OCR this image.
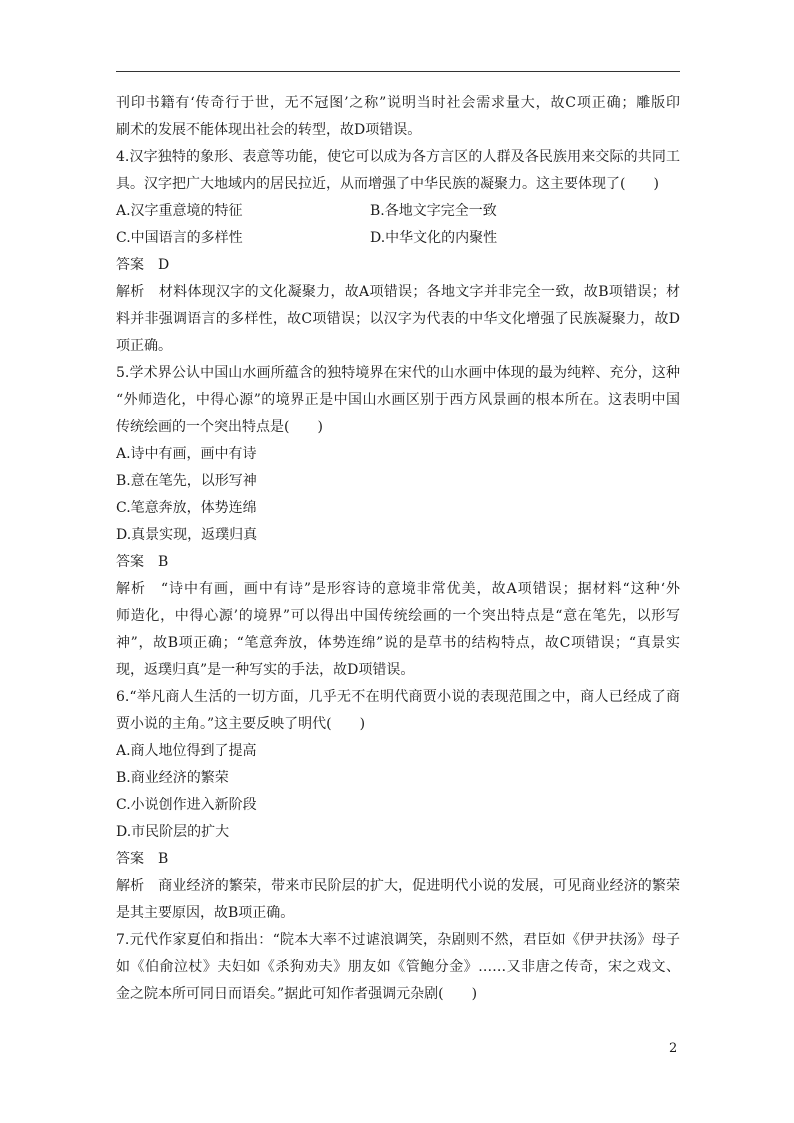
刊印书籍有‘传奇行于世，无不冠图’之称”说明当时社会需求量大，故C项正确；雕版印
刷术的发展不能体现出社会的转型，故D项错误。
4.汉字独特的象形、表意等功能，使它可以成为各方言区的人群及各民族用来交际的共同工
具。汉字把广大地域内的居民拉近，从而增强了中华民族的凝聚力。这主要体现了(　　)
A.汉字重意境的特征	B.各地文字完全一致
C.中国语言的多样性	D.中华文化的内聚性
答案　D
解析　材料体现汉字的文化凝聚力，故A项错误；各地文字并非完全一致，故B项错误；材
料并非强调语言的多样性，故C项错误；以汉字为代表的中华文化增强了民族凝聚力，故D
项正确。
5.学术界公认中国山水画所蕴含的独特境界在宋代的山水画中体现的最为纯粹、充分，这种
“外师造化，中得心源”的境界正是中国山水画区别于西方风景画的根本所在。这表明中国
传统绘画的一个突出特点是(　　)
A.诗中有画，画中有诗
B.意在笔先，以形写神
C.笔意奔放，体势连绵
D.真景实现，返璞归真
答案　B
解析　“诗中有画，画中有诗”是形容诗的意境非常优美，故A项错误；据材料“这种‘外
师造化，中得心源’的境界”可以得出中国传统绘画的一个突出特点是“意在笔先，以形写
神”，故B项正确；“笔意奔放，体势连绵”说的是草书的结构特点，故C项错误；“真景实
现，返璞归真”是一种写实的手法，故D项错误。
6.“举凡商人生活的一切方面，几乎无不在明代商贾小说的表现范围之中，商人已经成了商
贾小说的主角。”这主要反映了明代(　　)
A.商人地位得到了提高
B.商业经济的繁荣
C.小说创作进入新阶段
D.市民阶层的扩大
答案　B
解析　商业经济的繁荣，带来市民阶层的扩大，促进明代小说的发展，可见商业经济的繁荣
是其主要原因，故B项正确。
7.元代作家夏伯和指出：“院本大率不过谑浪调笑，杂剧则不然，君臣如《伊尹扶汤》母子
如《伯俞泣杖》夫妇如《杀狗劝夫》朋友如《管鲍分金》……又非唐之传奇，宋之戏文、
金之院本所可同日而语矣。”据此可知作者强调元杂剧(　　)
2
